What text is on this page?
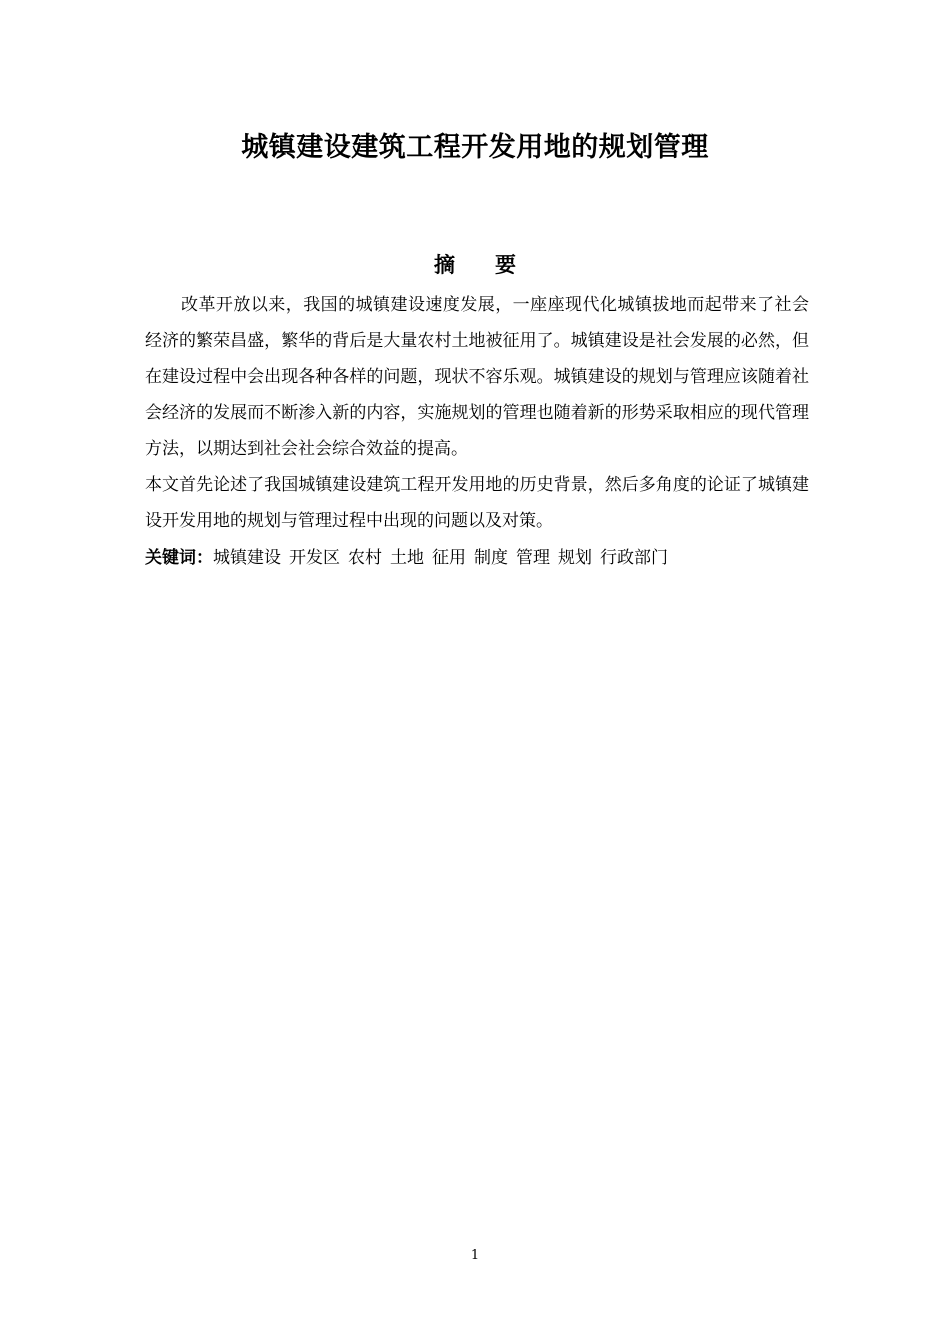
城镇建设建筑工程开发用地的规划管理
摘 要

改革开放以来，我国的城镇建设速度发展，一座座现代化城镇拔地而起带来了社会经济的繁荣昌盛，繁华的背后是大量农村土地被征用了。城镇建设是社会发展的必然，但在建设过程中会出现各种各样的问题，现状不容乐观。城镇建设的规划与管理应该随着社会经济的发展而不断渗入新的内容，实施规划的管理也随着新的形势采取相应的现代管理方法，以期达到社会社会综合效益的提高。

本文首先论述了我国城镇建设建筑工程开发用地的历史背景，然后多角度的论证了城镇建设开发用地的规划与管理过程中出现的问题以及对策。

关键词：城镇建设 开发区 农村 土地 征用 制度 管理 规划 行政部门
1
